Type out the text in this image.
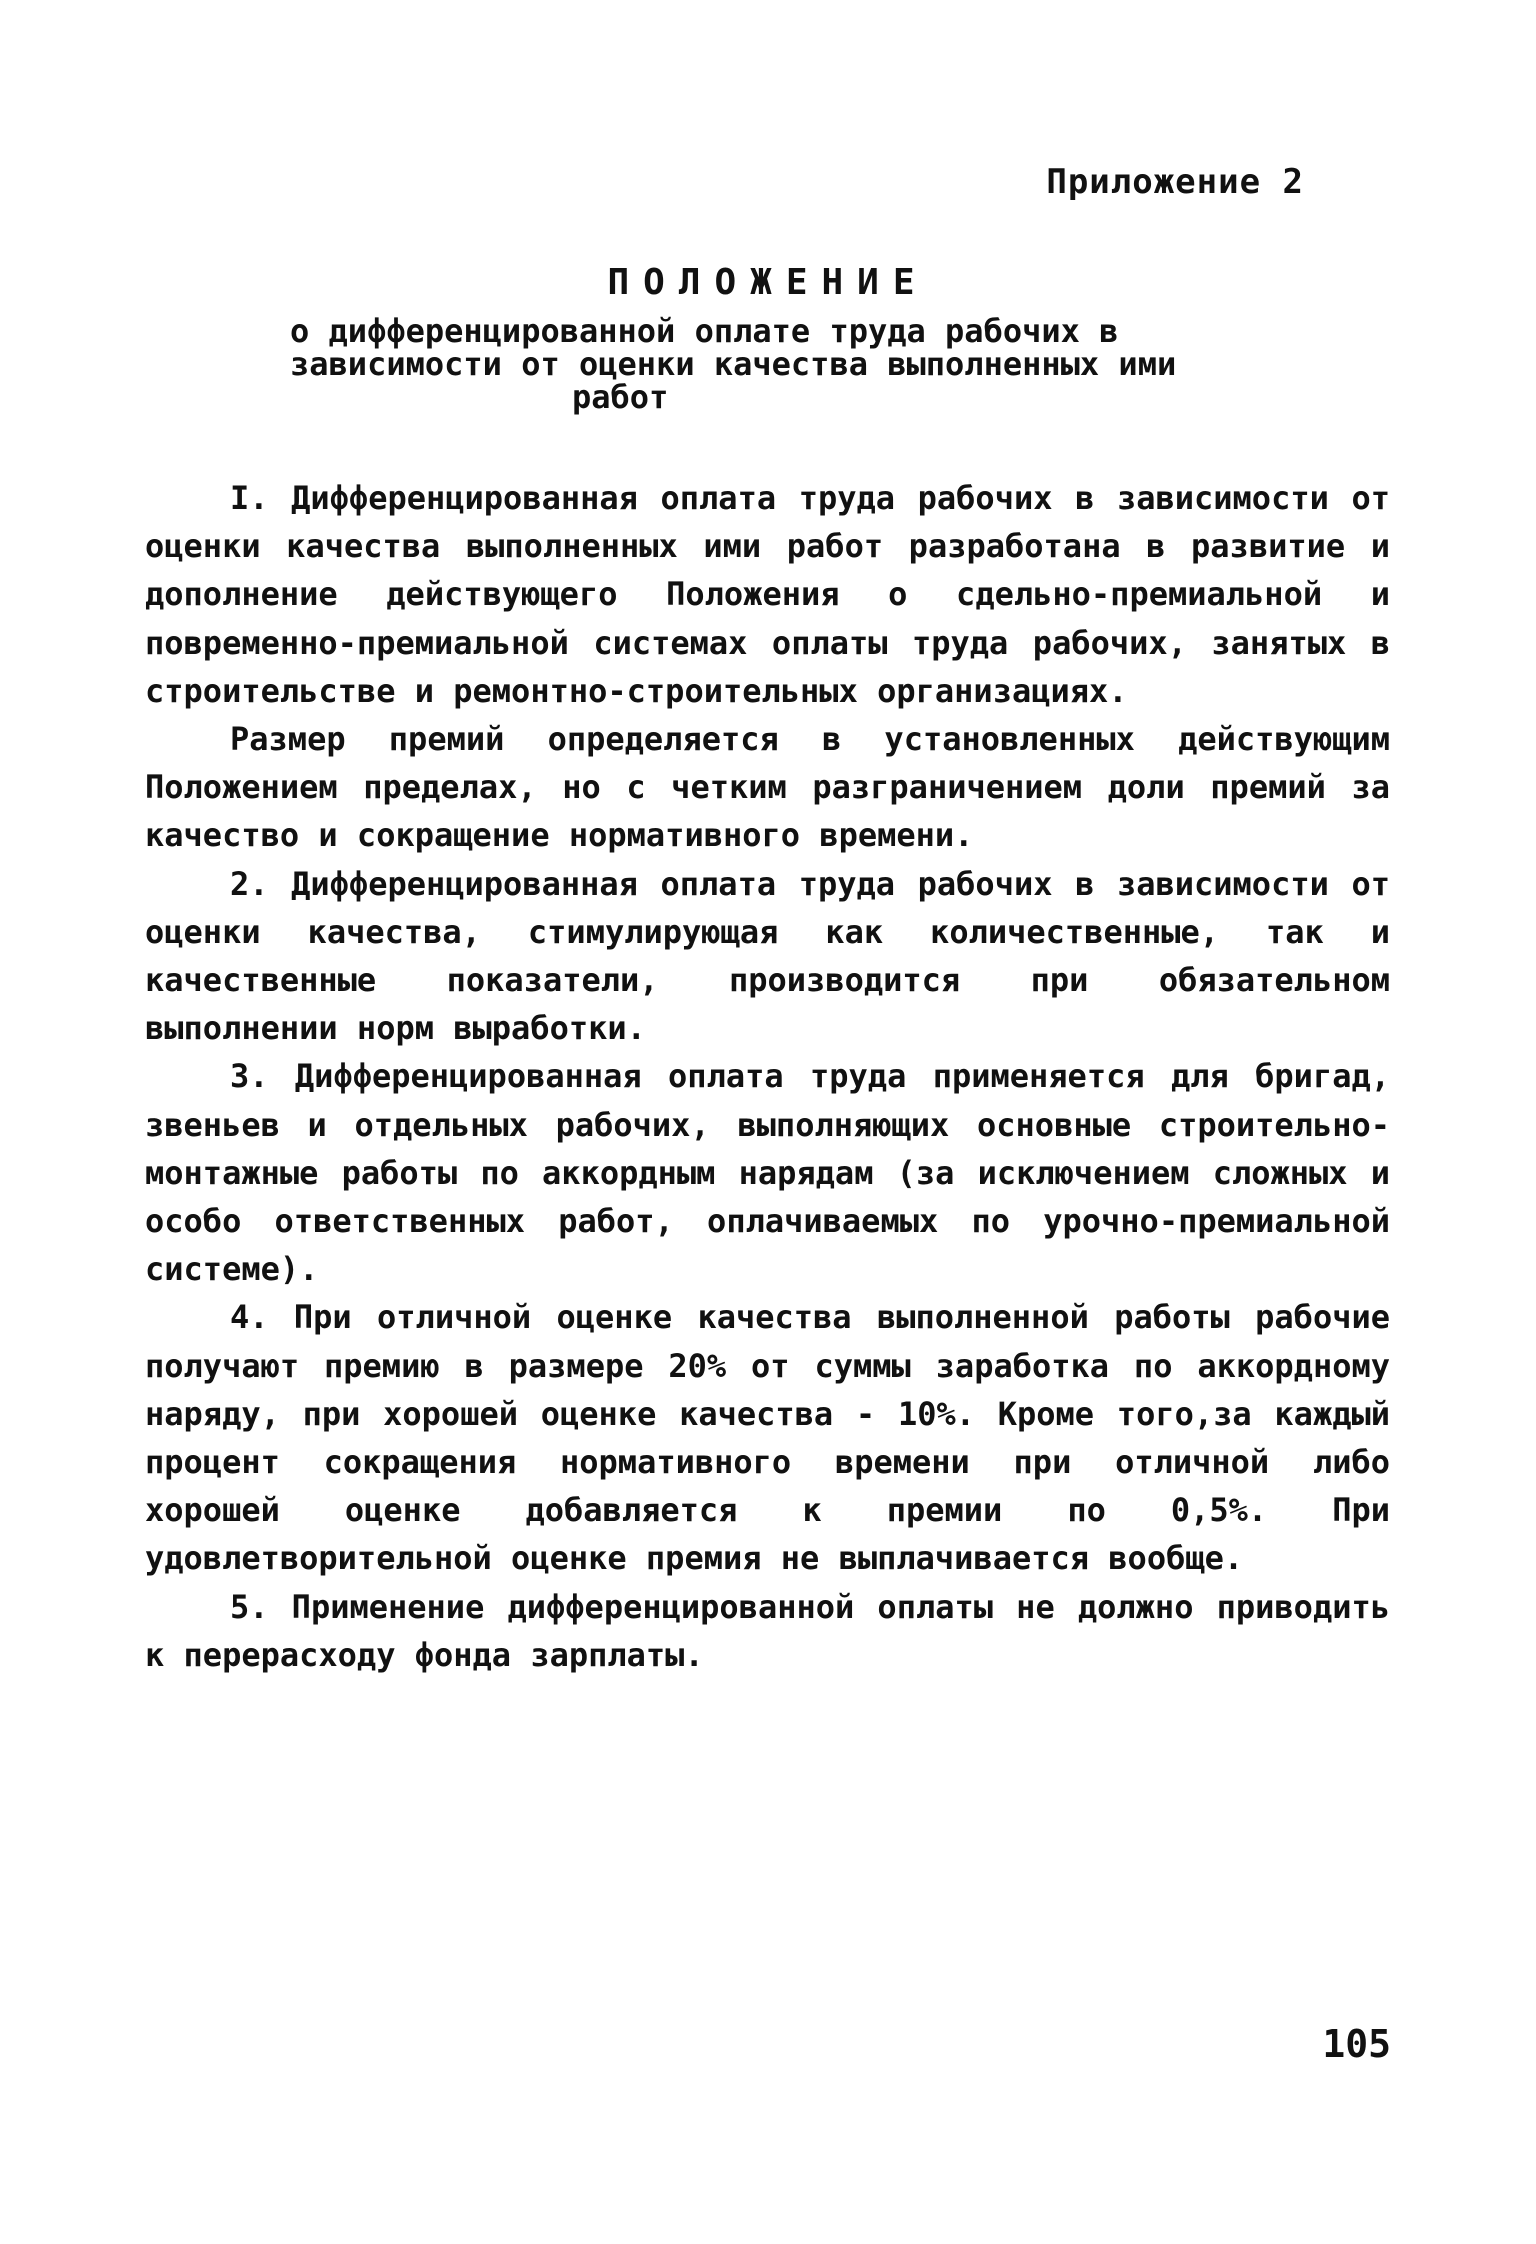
Приложение 2
ПОЛОЖЕНИЕ
о дифференцированной оплате труда рабочих в
зависимости от оценки качества выполненных ими
работ

I. Дифференцированная оплата труда рабочих в зависимости от оценки качества выполненных ими работ разработана в развитие и дополнение действующего Положения о сдельно-премиальной и повременно-премиальной системах оплаты труда рабочих, занятых в строительстве и ремонтно-строительных организациях.

Размер премий определяется в установленных действующим Положением пределах, но с четким разграничением доли премий за качество и сокращение нормативного времени.

2. Дифференцированная оплата труда рабочих в зависимости от оценки качества, стимулирующая как количественные, так и качественные показатели, производится при обязательном выполнении норм выработки.

3. Дифференцированная оплата труда применяется для бригад, звеньев и отдельных рабочих, выполняющих основные строительно-монтажные работы по аккордным нарядам (за исключением сложных и особо ответственных работ, оплачиваемых по урочно-премиальной системе).

4. При отличной оценке качества выполненной работы рабочие получают премию в размере 20% от суммы заработка по аккордному наряду, при хорошей оценке качества - 10%. Кроме того,за каждый процент сокращения нормативного времени при отличной либо хорошей оценке добавляется к премии по 0,5%. При удовлетворительной оценке премия не выплачивается вообще.

5. Применение дифференцированной оплаты не должно приводить к перерасходу фонда зарплаты.

105
